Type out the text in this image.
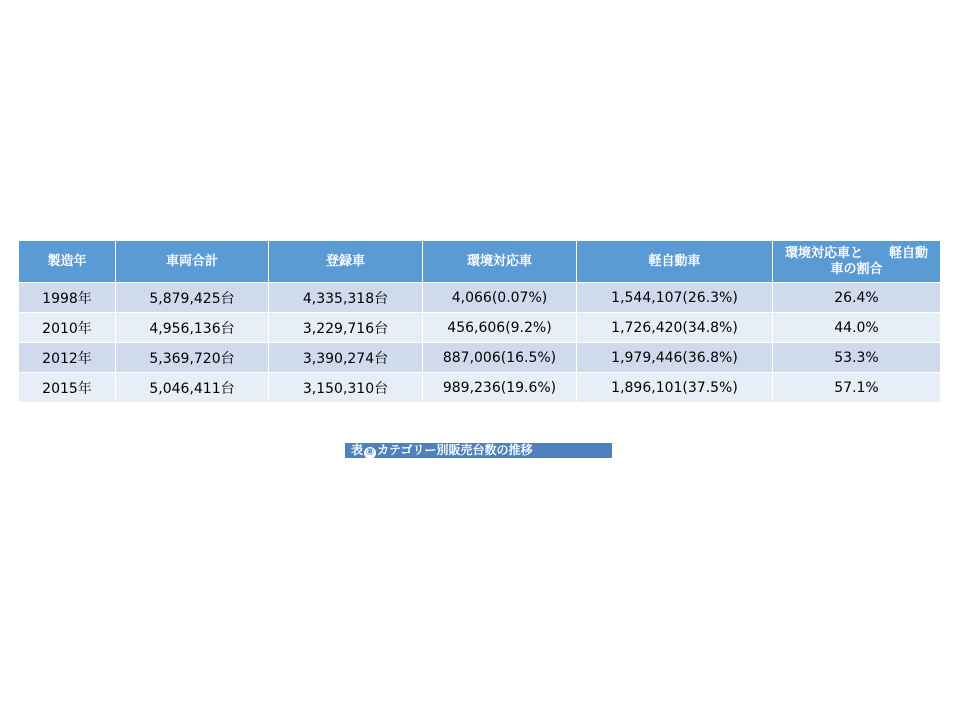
製造年	車両合計	登録車	環境対応車	軽自動車	環境対応車と　　軽自動車の割合
1998年	5,879,425台	4,335,318台	4,066(0.07%)	1,544,107(26.3%)	26.4%
2010年	4,956,136台	3,229,716台	456,606(9.2%)	1,726,420(34.8%)	44.0%
2012年	5,369,720台	3,390,274台	887,006(16.5%)	1,979,446(36.8%)	53.3%
2015年	5,046,411台	3,150,310台	989,236(19.6%)	1,896,101(37.5%)	57.1%
表 ⑧ カテゴリー別販売台数の推移
